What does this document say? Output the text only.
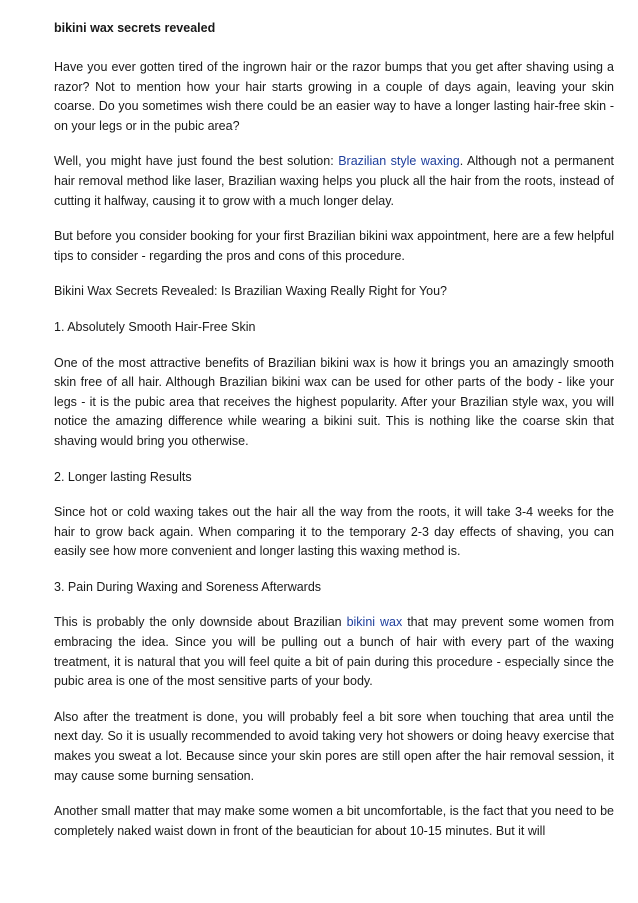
bikini wax secrets revealed

Have you ever gotten tired of the ingrown hair or the razor bumps that you get after shaving using a razor? Not to mention how your hair starts growing in a couple of days again, leaving your skin coarse. Do you sometimes wish there could be an easier way to have a longer lasting hair-free skin - on your legs or in the pubic area?

Well, you might have just found the best solution: Brazilian style waxing. Although not a permanent hair removal method like laser, Brazilian waxing helps you pluck all the hair from the roots, instead of cutting it halfway, causing it to grow with a much longer delay.

But before you consider booking for your first Brazilian bikini wax appointment, here are a few helpful tips to consider - regarding the pros and cons of this procedure.

Bikini Wax Secrets Revealed: Is Brazilian Waxing Really Right for You?

1. Absolutely Smooth Hair-Free Skin

One of the most attractive benefits of Brazilian bikini wax is how it brings you an amazingly smooth skin free of all hair. Although Brazilian bikini wax can be used for other parts of the body - like your legs - it is the pubic area that receives the highest popularity. After your Brazilian style wax, you will notice the amazing difference while wearing a bikini suit. This is nothing like the coarse skin that shaving would bring you otherwise.

2. Longer lasting Results

Since hot or cold waxing takes out the hair all the way from the roots, it will take 3-4 weeks for the hair to grow back again. When comparing it to the temporary 2-3 day effects of shaving, you can easily see how more convenient and longer lasting this waxing method is.

3. Pain During Waxing and Soreness Afterwards

This is probably the only downside about Brazilian bikini wax that may prevent some women from embracing the idea. Since you will be pulling out a bunch of hair with every part of the waxing treatment, it is natural that you will feel quite a bit of pain during this procedure - especially since the pubic area is one of the most sensitive parts of your body.

Also after the treatment is done, you will probably feel a bit sore when touching that area until the next day. So it is usually recommended to avoid taking very hot showers or doing heavy exercise that makes you sweat a lot. Because since your skin pores are still open after the hair removal session, it may cause some burning sensation.

Another small matter that may make some women a bit uncomfortable, is the fact that you need to be completely naked waist down in front of the beautician for about 10-15 minutes. But it will
